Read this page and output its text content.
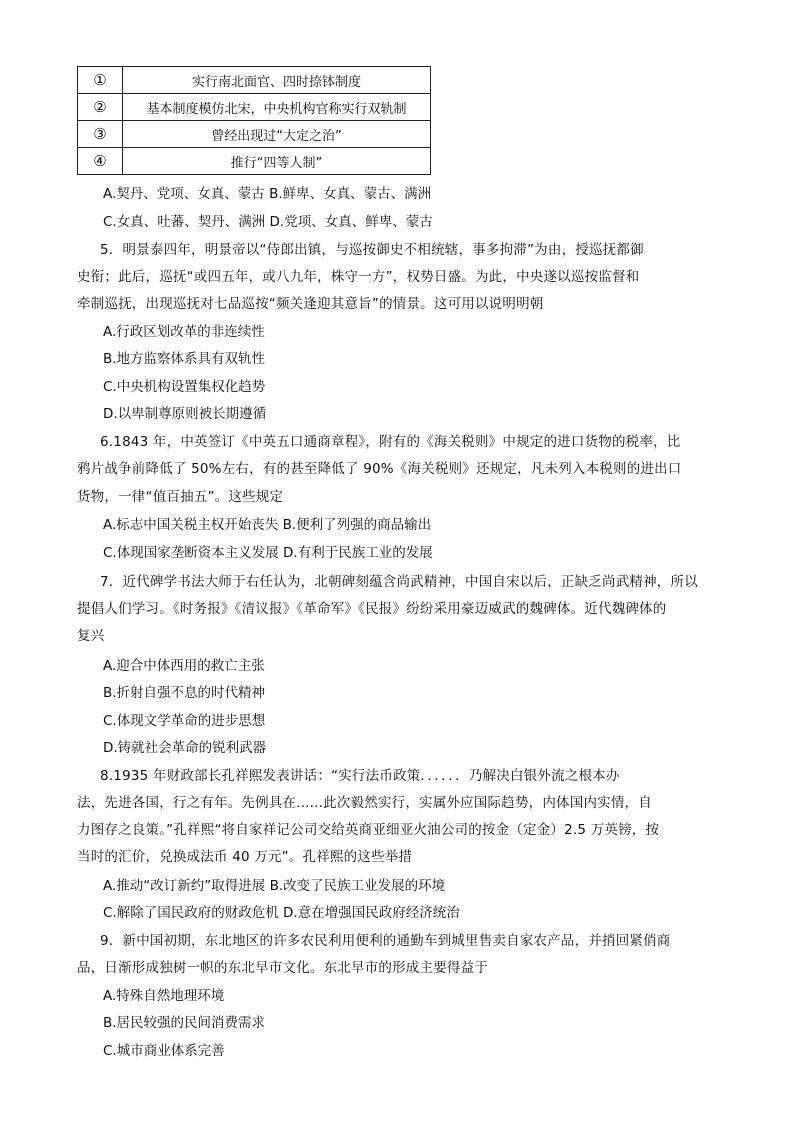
①	实行南北面官、四时捺钵制度
②	基本制度模仿北宋，中央机构官称实行双轨制
③	曾经出现过“大定之治”
④	推行“四等人制”
A.契丹、党项、女真、蒙古 B.鲜卑、女真、蒙古、满洲
C.女真、吐蕃、契丹、满洲 D.党项、女真、鲜卑、蒙古
5．明景泰四年，明景帝以“侍郎出镇，与巡按御史不相统辖，事多拘滞”为由，授巡抚都御
史衔；此后，巡抚“或四五年，或八九年，株守一方”，权势日盛。为此，中央遂以巡按监督和
牵制巡抚，出现巡抚对七品巡按“频关逢迎其意旨”的情景。这可用以说明明朝
A.行政区划改革的非连续性
B.地方监察体系具有双轨性
C.中央机构设置集权化趋势
D.以卑制尊原则被长期遵循
6.1843 年，中英签订《中英五口通商章程》，附有的《海关税则》中规定的进口货物的税率，比
鸦片战争前降低了 50%左右，有的甚至降低了 90%《海关税则》还规定，凡未列入本税则的进出口
货物，一律“值百抽五”。这些规定
A.标志中国关税主权开始丧失 B.便利了列强的商品输出
C.体现国家垄断资本主义发展 D.有利于民族工业的发展
7．近代碑学书法大师于右任认为，北朝碑刻蕴含尚武精神，中国自宋以后，正缺乏尚武精神，所以
提倡人们学习。《时务报》《清议报》《革命军》《民报》纷纷采用豪迈威武的魏碑体。近代魏碑体的
复兴
A.迎合中体西用的救亡主张
B.折射自强不息的时代精神
C.体现文学革命的进步思想
D.铸就社会革命的锐利武器
8.1935 年财政部长孔祥熙发表讲话：“实行法币政策．．．．．．乃解决白银外流之根本办
法，先进各国，行之有年。先例具在......此次毅然实行，实属外应国际趋势，内体国内实情，自
力图存之良策。”孔祥熙“将自家祥记公司交给英商亚细亚火油公司的按金（定金）2.5 万英镑，按
当时的汇价，兑换成法币 40 万元”。孔祥熙的这些举措
A.推动“改订新约”取得进展 B.改变了民族工业发展的环境
C.解除了国民政府的财政危机 D.意在增强国民政府经济统治
9．新中国初期，东北地区的许多农民利用便利的通勤车到城里售卖自家农产品，并捎回紧俏商
品，日渐形成独树一帜的东北早市文化。东北早市的形成主要得益于
A.特殊自然地理环境
B.居民较强的民间消费需求
C.城市商业体系完善
